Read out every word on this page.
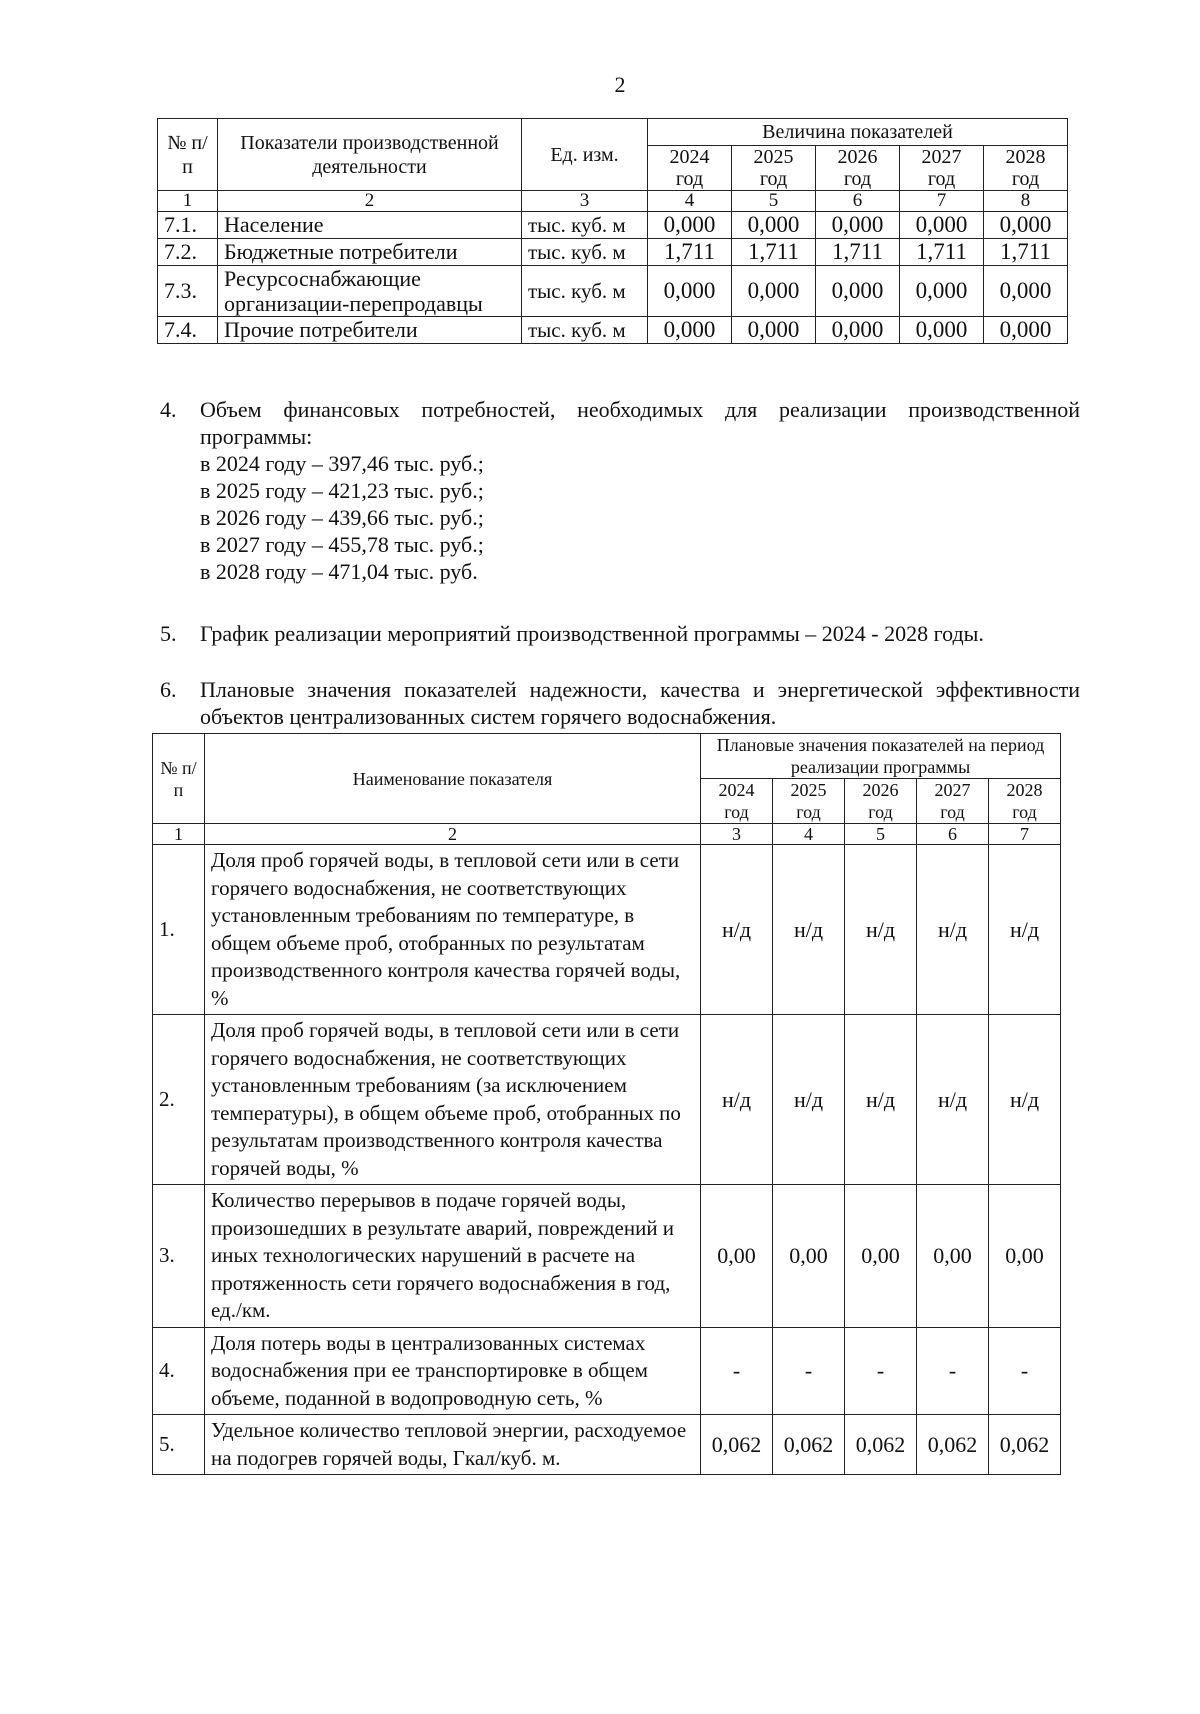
2
№ п/п	Показатели производственной деятельности	Ед. изм.	Величина показателей				
			2024 год	2025 год	2026 год	2027 год	2028 год
1	2	3	4	5	6	7	8
7.1.	Население	тыс. куб. м	0,000	0,000	0,000	0,000	0,000
7.2.	Бюджетные потребители	тыс. куб. м	1,711	1,711	1,711	1,711	1,711
7.3.	Ресурсоснабжающие организации-перепродавцы	тыс. куб. м	0,000	0,000	0,000	0,000	0,000
7.4.	Прочие потребители	тыс. куб. м	0,000	0,000	0,000	0,000	0,000
4. Объем финансовых потребностей, необходимых для реализации производственной программы:
в 2024 году – 397,46 тыс. руб.;
в 2025 году – 421,23 тыс. руб.;
в 2026 году – 439,66 тыс. руб.;
в 2027 году – 455,78 тыс. руб.;
в 2028 году – 471,04 тыс. руб.
5. График реализации мероприятий производственной программы – 2024 - 2028 годы.
6. Плановые значения показателей надежности, качества и энергетической эффективности объектов централизованных систем горячего водоснабжения.
№ п/п	Наименование показателя	Плановые значения показателей на период реализации программы				
		2024 год	2025 год	2026 год	2027 год	2028 год
1	2	3	4	5	6	7
1.	Доля проб горячей воды, в тепловой сети или в сети горячего водоснабжения, не соответствующих установленным требованиям по температуре, в общем объеме проб, отобранных по результатам производственного контроля качества горячей воды, %	н/д	н/д	н/д	н/д	н/д
2.	Доля проб горячей воды, в тепловой сети или в сети горячего водоснабжения, не соответствующих установленным требованиям (за исключением температуры), в общем объеме проб, отобранных по результатам производственного контроля качества горячей воды, %	н/д	н/д	н/д	н/д	н/д
3.	Количество перерывов в подаче горячей воды, произошедших в результате аварий, повреждений и иных технологических нарушений в расчете на протяженность сети горячего водоснабжения в год, ед./км.	0,00	0,00	0,00	0,00	0,00
4.	Доля потерь воды в централизованных системах водоснабжения при ее транспортировке в общем объеме, поданной в водопроводную сеть, %	-	-	-	-	-
5.	Удельное количество тепловой энергии, расходуемое на подогрев горячей воды, Гкал/куб. м.	0,062	0,062	0,062	0,062	0,062
